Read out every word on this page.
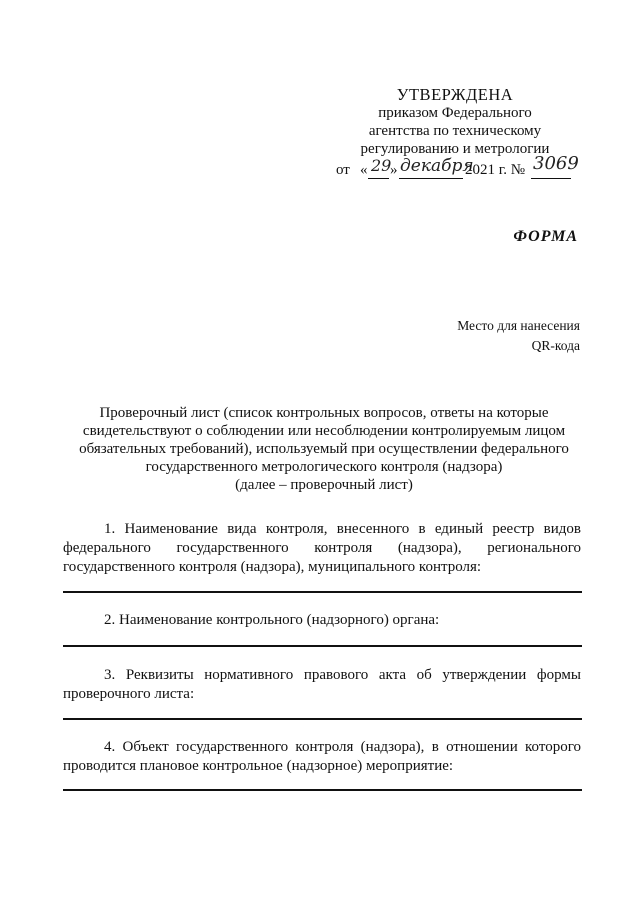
УТВЕРЖДЕНА
приказом Федерального
агентства по техническому
регулированию и метрологии
от « 29
» декабря
2021 г. № 3069
ФОРМА
Место для нанесения
QR-кода
Проверочный лист (список контрольных вопросов, ответы на которые
свидетельствуют о соблюдении или несоблюдении контролируемым лицом
обязательных требований), используемый при осуществлении федерального
государственного метрологического контроля (надзора)
(далее – проверочный лист)
1. Наименование вида контроля, внесенного в единый реестр видов федерального государственного контроля (надзора), регионального государственного контроля (надзора), муниципального контроля:
2. Наименование контрольного (надзорного) органа:
3. Реквизиты нормативного правового акта об утверждении формы проверочного листа:
4. Объект государственного контроля (надзора), в отношении которого проводится плановое контрольное (надзорное) мероприятие:
